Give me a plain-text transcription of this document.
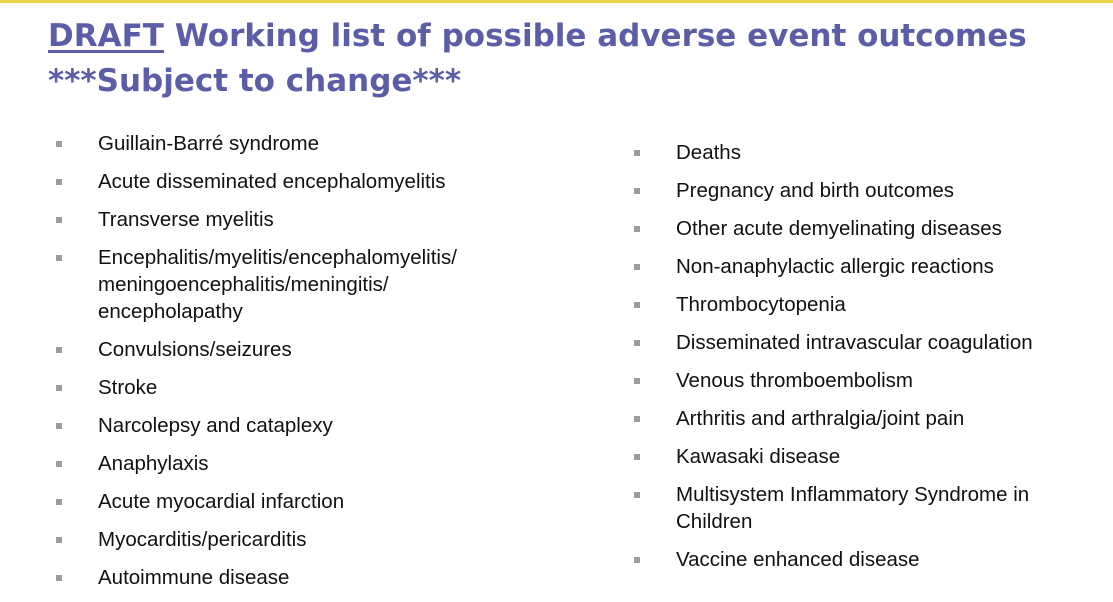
DRAFT Working list of possible adverse event outcomes
***Subject to change***
Guillain-Barré syndrome
Acute disseminated encephalomyelitis
Transverse myelitis
Encephalitis/myelitis/encephalomyelitis/ meningoencephalitis/meningitis/ encepholapathy
Convulsions/seizures
Stroke
Narcolepsy and cataplexy
Anaphylaxis
Acute myocardial infarction
Myocarditis/pericarditis
Autoimmune disease
Deaths
Pregnancy and birth outcomes
Other acute demyelinating diseases
Non-anaphylactic allergic reactions
Thrombocytopenia
Disseminated intravascular coagulation
Venous thromboembolism
Arthritis and arthralgia/joint pain
Kawasaki disease
Multisystem Inflammatory Syndrome in Children
Vaccine enhanced disease
